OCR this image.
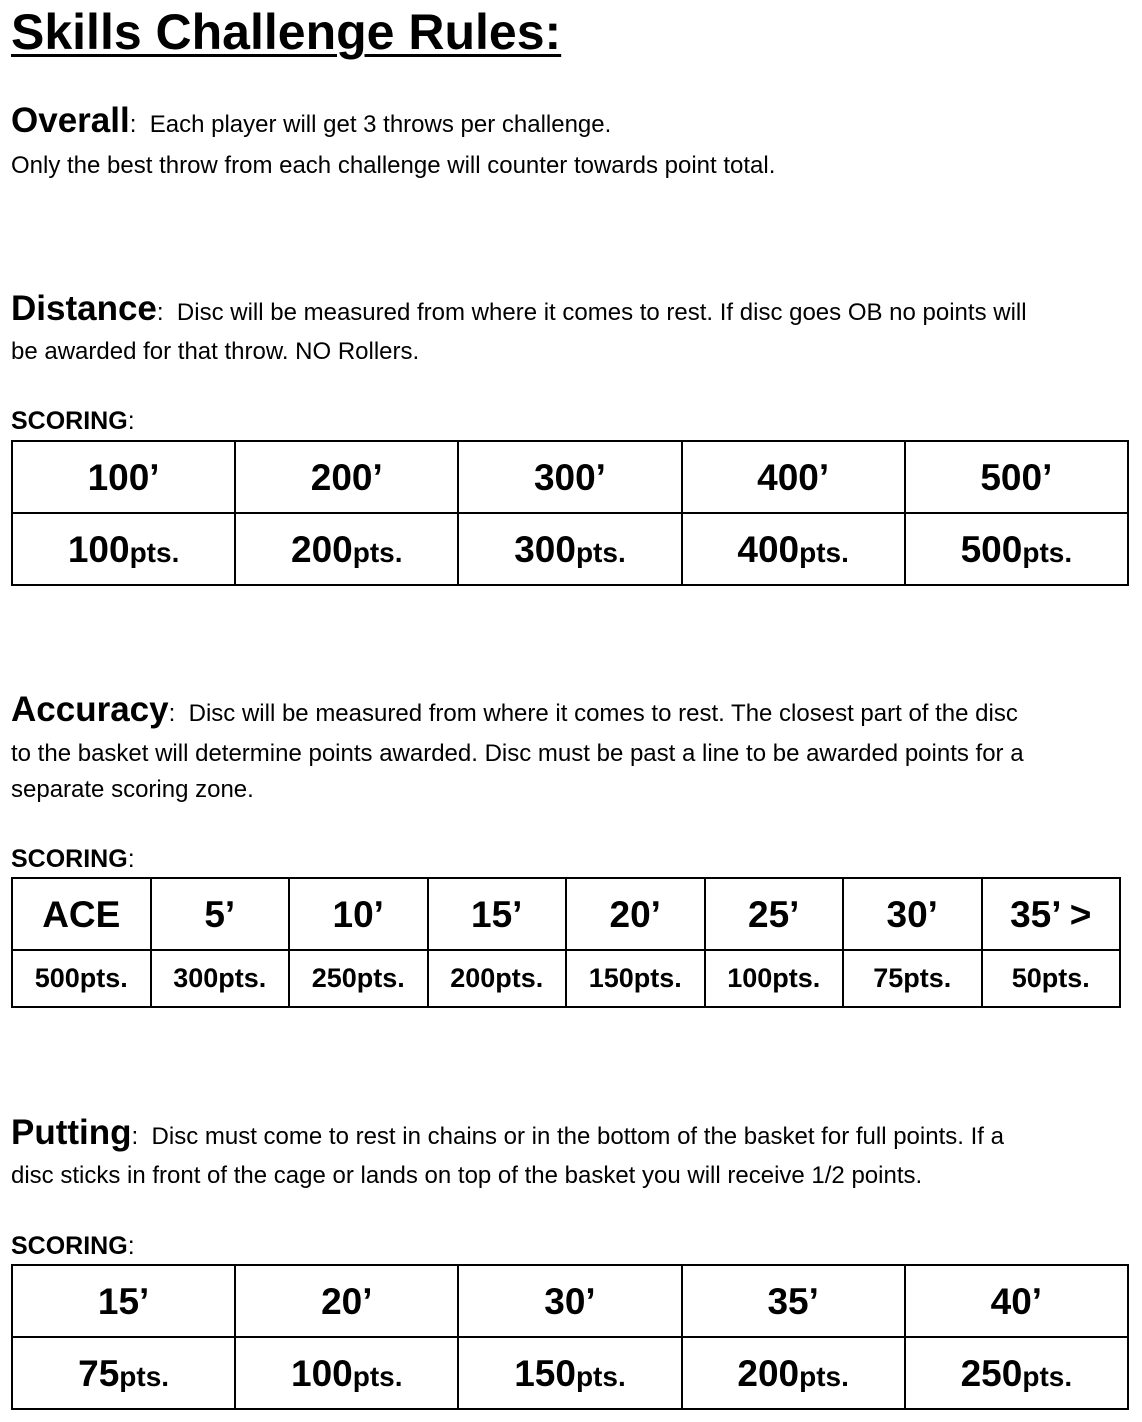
Skills Challenge Rules:
Overall:  Each player will get 3 throws per challenge.
Only the best throw from each challenge will counter towards point total.
Distance:  Disc will be measured from where it comes to rest. If disc goes OB no points will
be awarded for that throw. NO Rollers.
SCORING:
100’	200’	300’	400’	500’
100pts.	200pts.	300pts.	400pts.	500pts.
Accuracy:  Disc will be measured from where it comes to rest. The closest part of the disc
to the basket will determine points awarded. Disc must be past a line to be awarded points for a
separate scoring zone.
SCORING:
ACE	5’	10’	15’	20’	25’	30’	35’ >
500pts.	300pts.	250pts.	200pts.	150pts.	100pts.	75pts.	50pts.
Putting:  Disc must come to rest in chains or in the bottom of the basket for full points. If a
disc sticks in front of the cage or lands on top of the basket you will receive 1/2 points.
SCORING:
15’	20’	30’	35’	40’
75pts.	100pts.	150pts.	200pts.	250pts.
